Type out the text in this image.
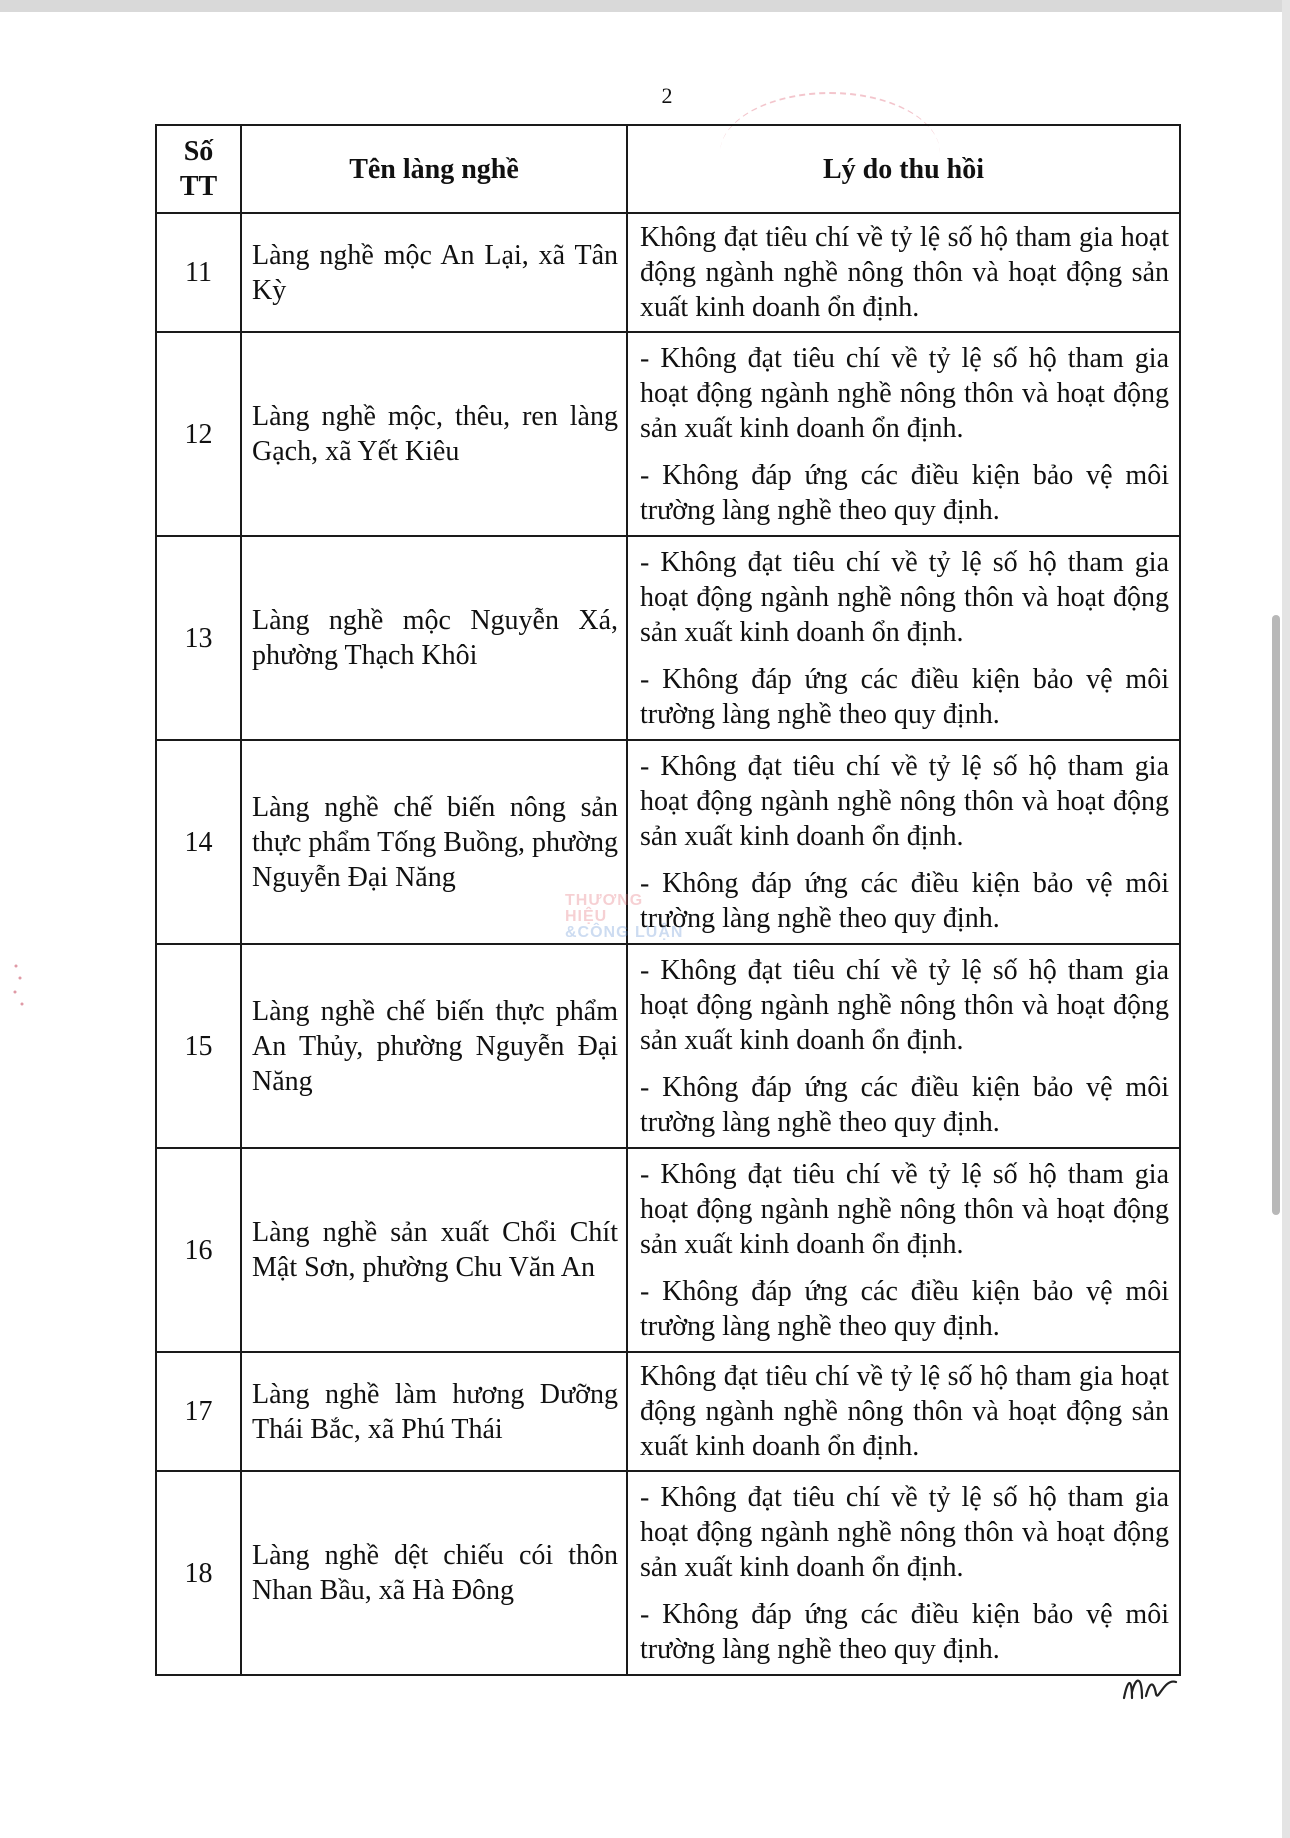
2
Số TT	Tên làng nghề	Lý do thu hồi
11	Làng nghề mộc An Lại, xã Tân Kỳ	Không đạt tiêu chí về tỷ lệ số hộ tham gia hoạt động ngành nghề nông thôn và hoạt động sản xuất kinh doanh ổn định.

12	Làng nghề mộc, thêu, ren làng Gạch, xã Yết Kiêu	- Không đạt tiêu chí về tỷ lệ số hộ tham gia hoạt động ngành nghề nông thôn và hoạt động sản xuất kinh doanh ổn định.
- Không đáp ứng các điều kiện bảo vệ môi trường làng nghề theo quy định.

13	Làng nghề mộc Nguyễn Xá, phường Thạch Khôi	- Không đạt tiêu chí về tỷ lệ số hộ tham gia hoạt động ngành nghề nông thôn và hoạt động sản xuất kinh doanh ổn định.
- Không đáp ứng các điều kiện bảo vệ môi trường làng nghề theo quy định.

14	Làng nghề chế biến nông sản thực phẩm Tống Buồng, phường Nguyễn Đại Năng	- Không đạt tiêu chí về tỷ lệ số hộ tham gia hoạt động ngành nghề nông thôn và hoạt động sản xuất kinh doanh ổn định.
- Không đáp ứng các điều kiện bảo vệ môi trường làng nghề theo quy định.

15	Làng nghề chế biến thực phẩm An Thủy, phường Nguyễn Đại Năng	- Không đạt tiêu chí về tỷ lệ số hộ tham gia hoạt động ngành nghề nông thôn và hoạt động sản xuất kinh doanh ổn định.
- Không đáp ứng các điều kiện bảo vệ môi trường làng nghề theo quy định.

16	Làng nghề sản xuất Chổi Chít Mật Sơn, phường Chu Văn An	- Không đạt tiêu chí về tỷ lệ số hộ tham gia hoạt động ngành nghề nông thôn và hoạt động sản xuất kinh doanh ổn định.
- Không đáp ứng các điều kiện bảo vệ môi trường làng nghề theo quy định.

17	Làng nghề làm hương Dưỡng Thái Bắc, xã Phú Thái	Không đạt tiêu chí về tỷ lệ số hộ tham gia hoạt động ngành nghề nông thôn và hoạt động sản xuất kinh doanh ổn định.

18	Làng nghề dệt chiếu cói thôn Nhan Bầu, xã Hà Đông	- Không đạt tiêu chí về tỷ lệ số hộ tham gia hoạt động ngành nghề nông thôn và hoạt động sản xuất kinh doanh ổn định.
- Không đáp ứng các điều kiện bảo vệ môi trường làng nghề theo quy định.
THƯƠNG HIỆU
&CÔNG LUẬN
